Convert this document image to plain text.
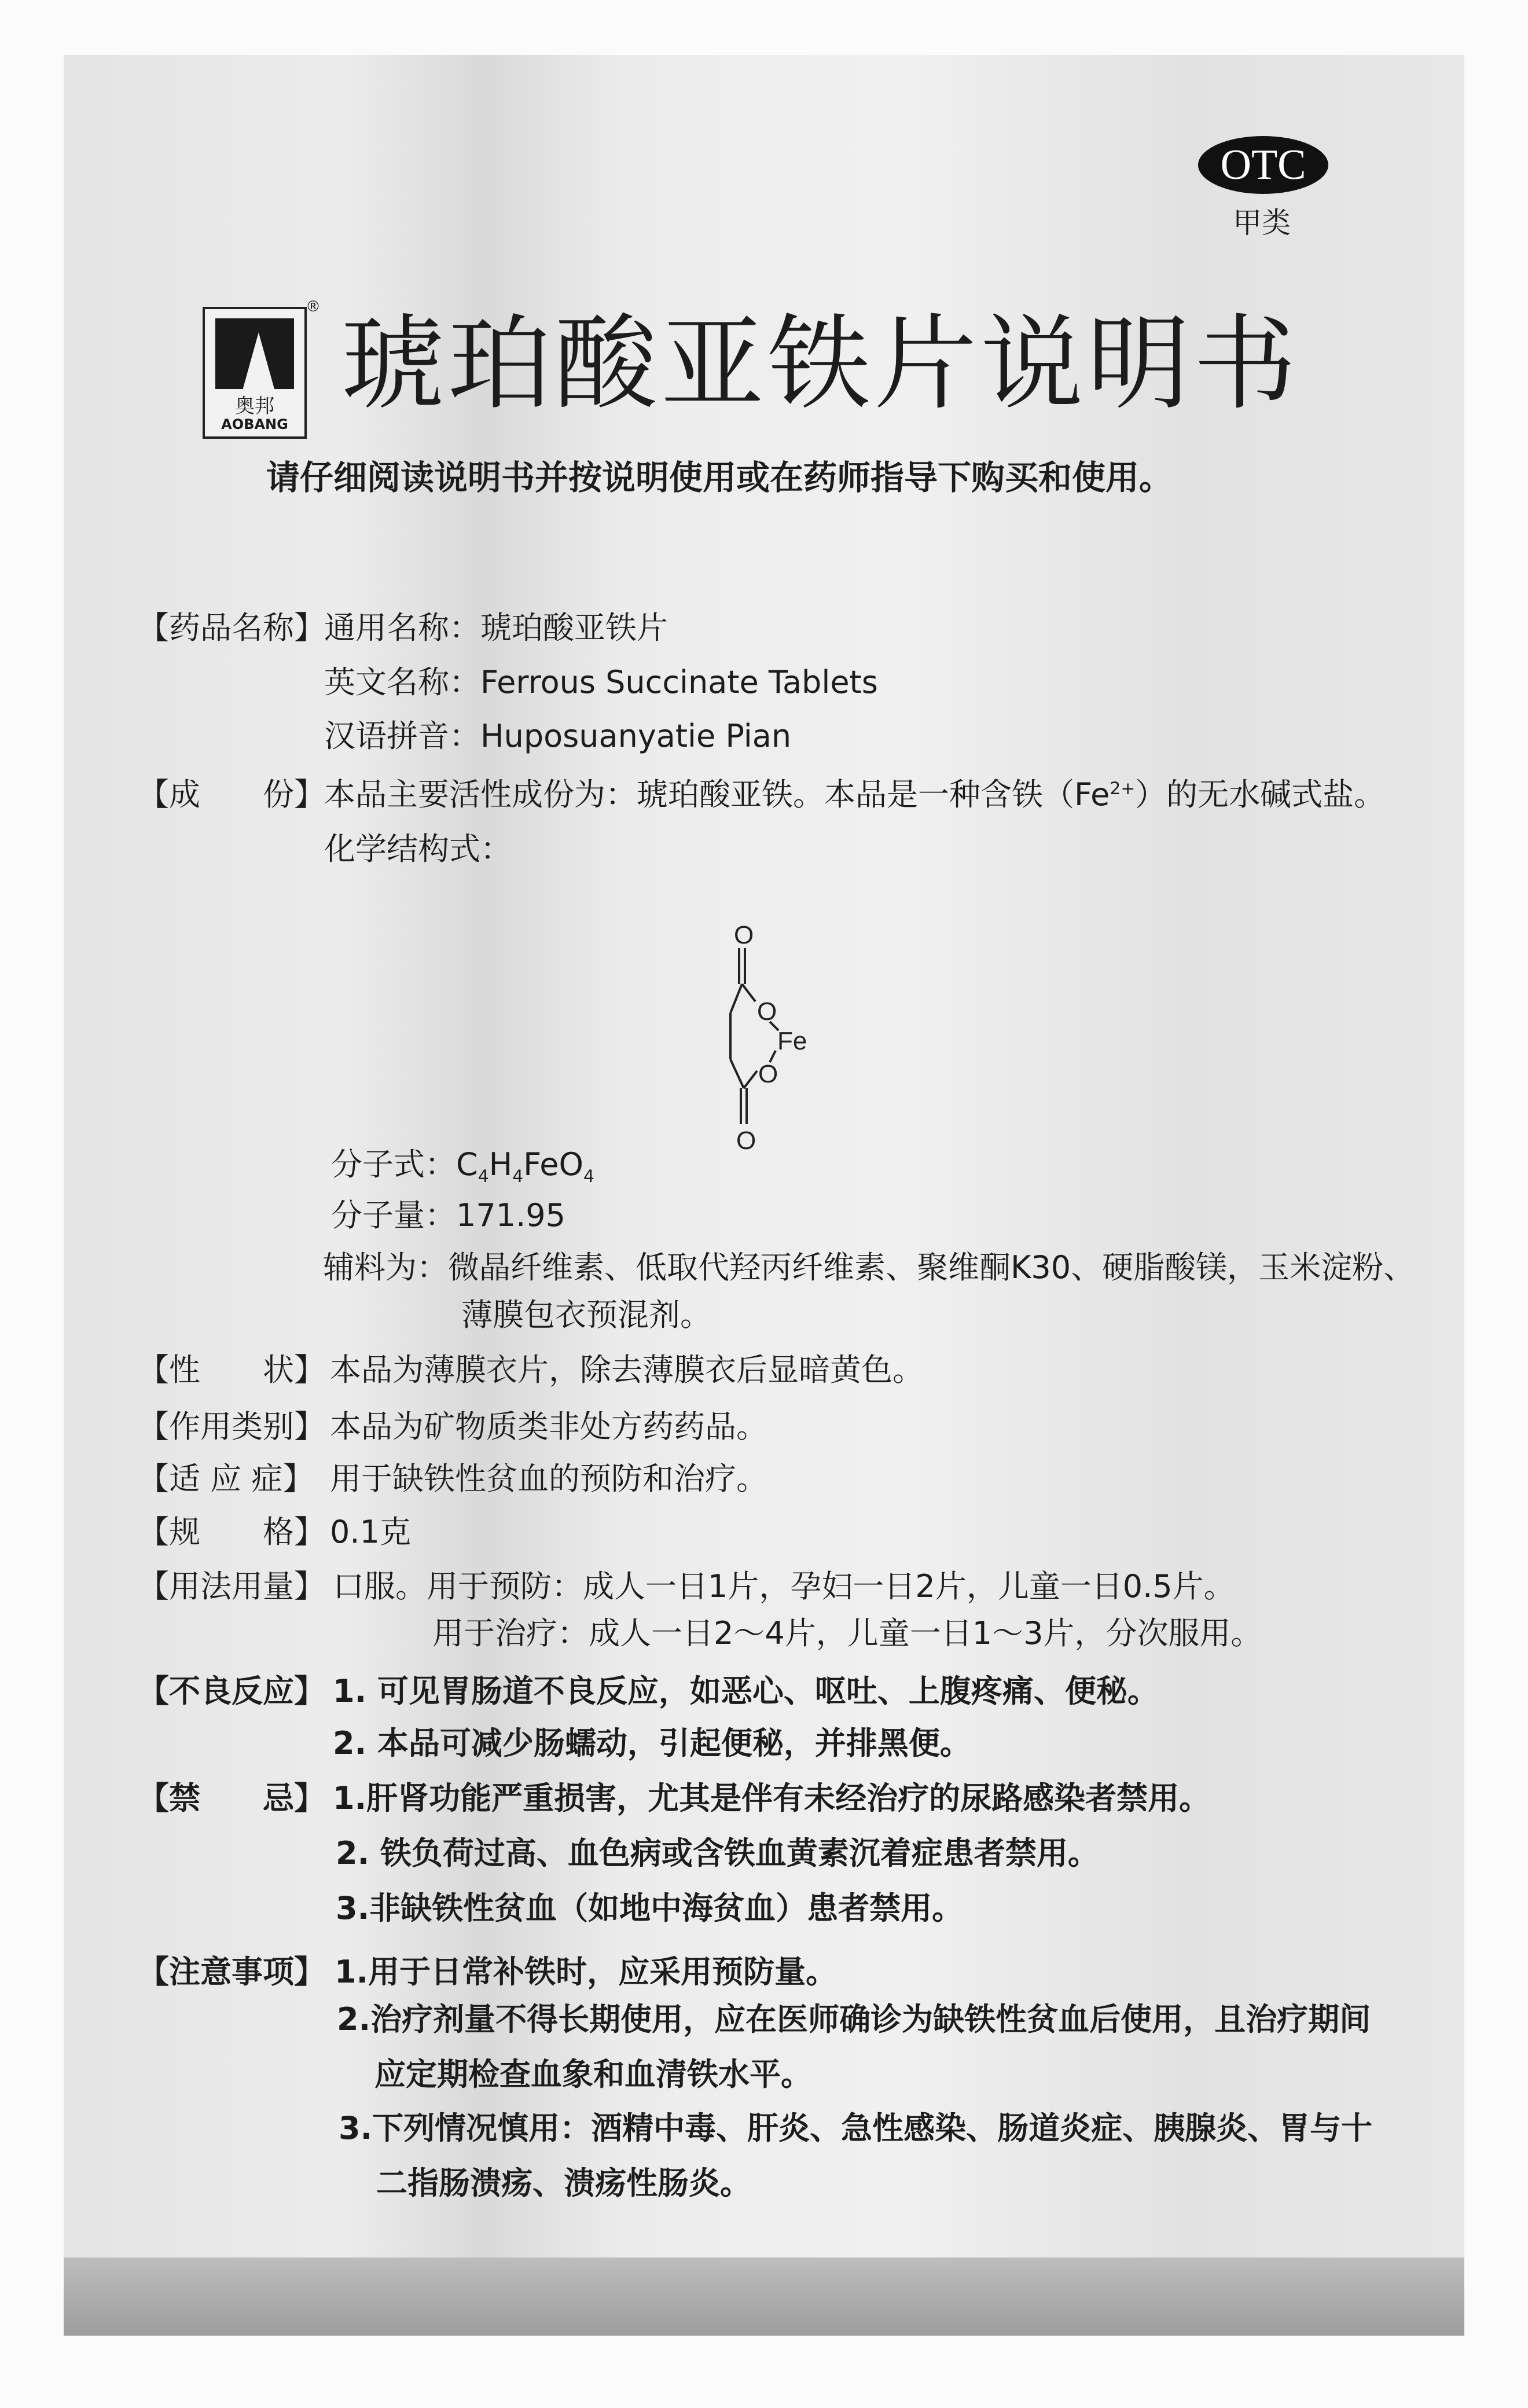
OTC
甲类
奥邦
AOBANG
® 琥珀酸亚铁片说明书
请仔细阅读说明书并按说明使用或在药师指导下购买和使用。
【药品名称】
通用名称：琥珀酸亚铁片
英文名称：Ferrous Succinate Tablets
汉语拼音：Huposuanyatie Pian
【成　　份】
本品主要活性成份为：琥珀酸亚铁。本品是一种含铁$(Fe^{2+})$的无水碱式盐。
化学结构式：
O
O
Fe
O
O
分子式：$C_4H_4FeO_4$
分子量：171.95
辅料为：微晶纤维素、低取代羟丙纤维素、聚维酮K30、硬脂酸镁，玉米淀粉、
薄膜包衣预混剂。
【性　　状】 本品为薄膜衣片，除去薄膜衣后显暗黄色。
【作用类别】 本品为矿物质类非处方药药品。
【适 应 症】 用于缺铁性贫血的预防和治疗。
【规　　格】 0.1克
【用法用量】 口服。用于预防：成人一日1片，孕妇一日2片，儿童一日0.5片。
用于治疗：成人一日2～4片，儿童一日1～3片，分次服用。
【不良反应】 1. 可见胃肠道不良反应，如恶心、呕吐、上腹疼痛、便秘。
2. 本品可减少肠蠕动，引起便秘，并排黑便。
【禁　　忌】 1.肝肾功能严重损害，尤其是伴有未经治疗的尿路感染者禁用。
2. 铁负荷过高、血色病或含铁血黄素沉着症患者禁用。
3.非缺铁性贫血（如地中海贫血）患者禁用。
【注意事项】 1.用于日常补铁时，应采用预防量。
2.治疗剂量不得长期使用，应在医师确诊为缺铁性贫血后使用，且治疗期间
应定期检查血象和血清铁水平。
3.下列情况慎用：酒精中毒、肝炎、急性感染、肠道炎症、胰腺炎、胃与十
二指肠溃疡、溃疡性肠炎。
